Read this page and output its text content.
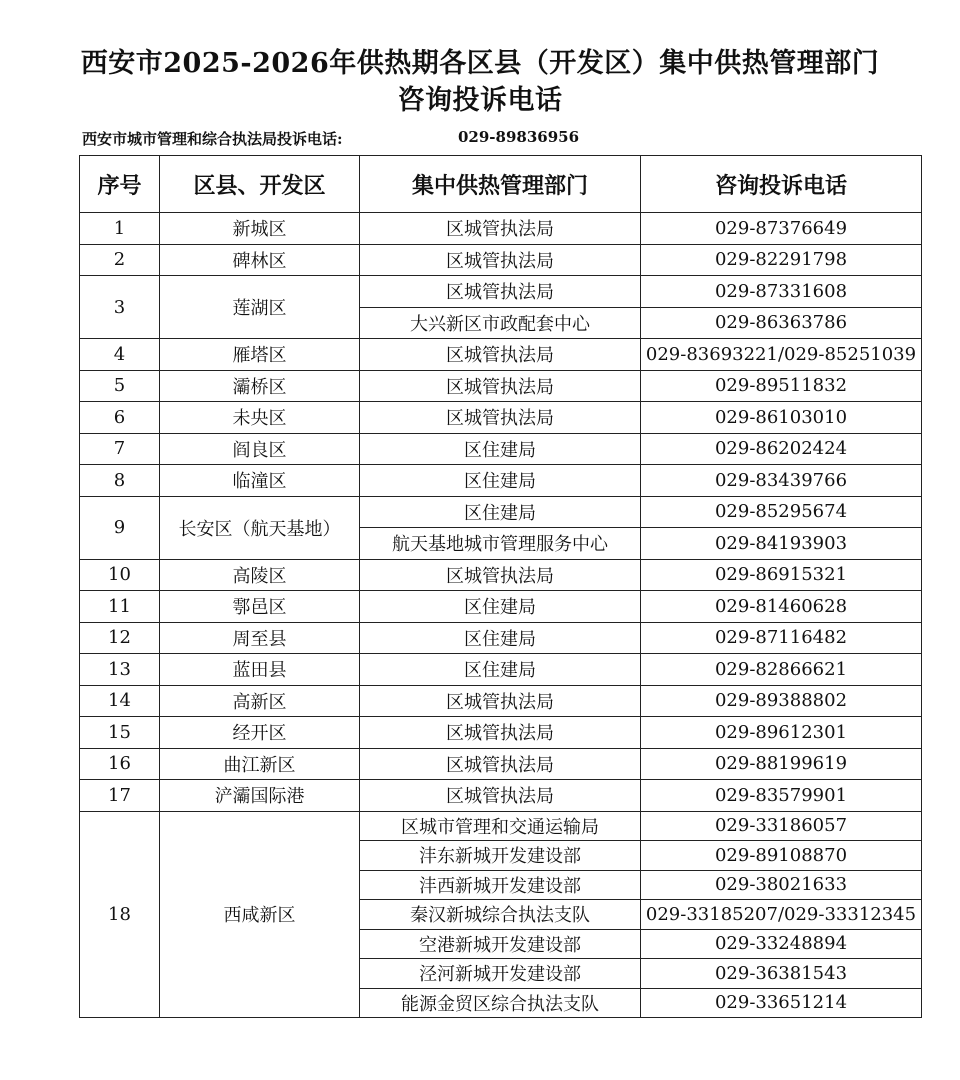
西安市2025-2026年供热期各区县（开发区）集中供热管理部门
咨询投诉电话
西安市城市管理和综合执法局投诉电话:	029-89836956
序号	区县、开发区	集中供热管理部门	咨询投诉电话
1	新城区	区城管执法局	029-87376649
2	碑林区	区城管执法局	029-82291798
3	莲湖区	区城管执法局	029-87331608
		大兴新区市政配套中心	029-86363786
4	雁塔区	区城管执法局	029-83693221/029-85251039
5	灞桥区	区城管执法局	029-89511832
6	未央区	区城管执法局	029-86103010
7	阎良区	区住建局	029-86202424
8	临潼区	区住建局	029-83439766
9	长安区（航天基地）	区住建局	029-85295674
		航天基地城市管理服务中心	029-84193903
10	高陵区	区城管执法局	029-86915321
11	鄠邑区	区住建局	029-81460628
12	周至县	区住建局	029-87116482
13	蓝田县	区住建局	029-82866621
14	高新区	区城管执法局	029-89388802
15	经开区	区城管执法局	029-89612301
16	曲江新区	区城管执法局	029-88199619
17	浐灞国际港	区城管执法局	029-83579901
18	西咸新区	区城市管理和交通运输局	029-33186057
		沣东新城开发建设部	029-89108870
		沣西新城开发建设部	029-38021633
		秦汉新城综合执法支队	029-33185207/029-33312345
		空港新城开发建设部	029-33248894
		泾河新城开发建设部	029-36381543
		能源金贸区综合执法支队	029-33651214
